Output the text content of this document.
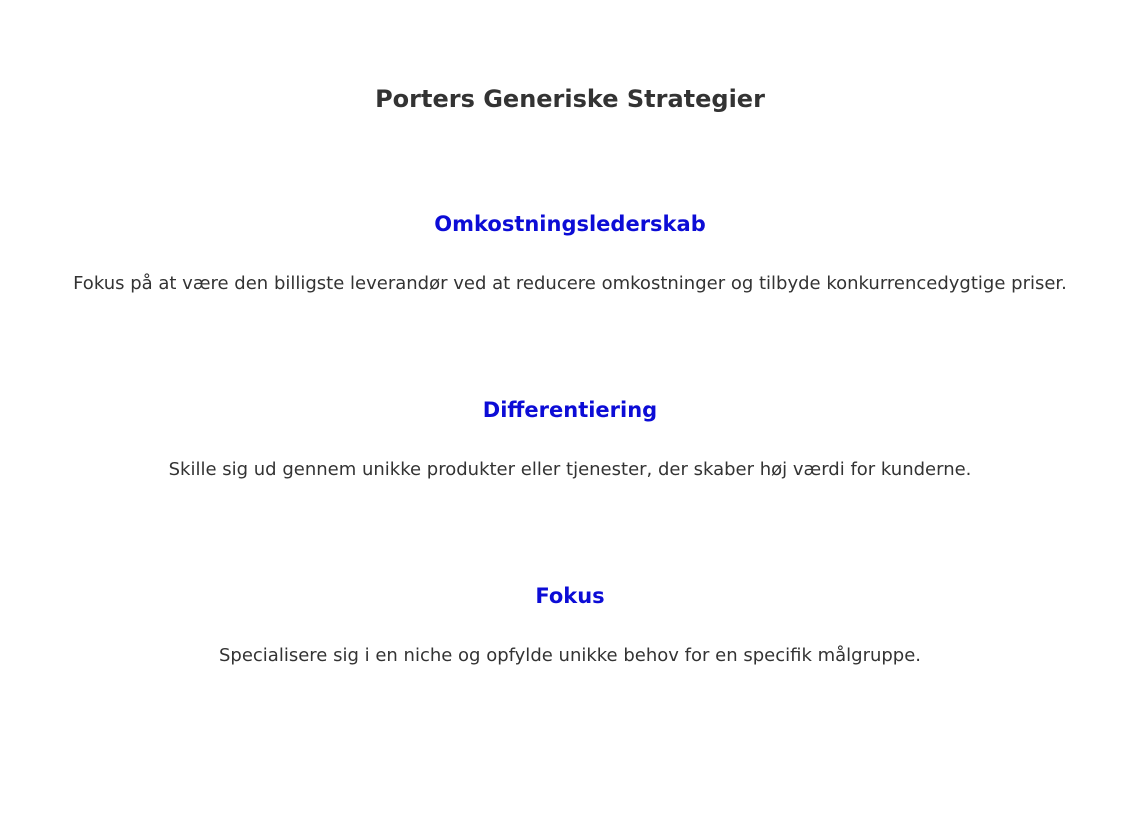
Porters Generiske Strategier
Omkostningslederskab

Fokus på at være den billigste leverandør ved at reducere omkostninger og tilbyde konkurrencedygtige priser.

Differentiering

Skille sig ud gennem unikke produkter eller tjenester, der skaber høj værdi for kunderne.

Fokus

Specialisere sig i en niche og opfylde unikke behov for en specifik målgruppe.
